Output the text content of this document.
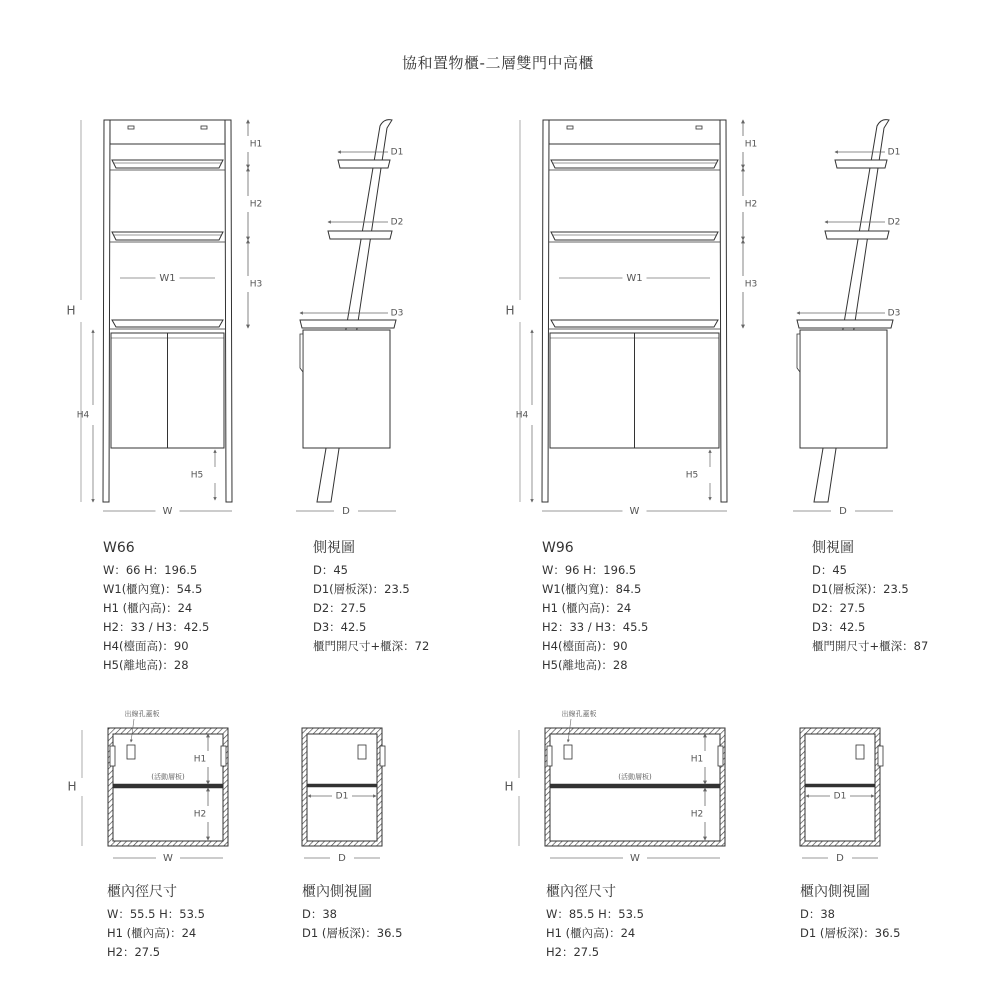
協和置物櫃-二層雙門中高櫃
W1
W
H
H4
H1
H2
H3
H5
D1
D2
D3
D
出線孔蓋板
(活動層板)
H1
H2
H
W
D1
D
W1
W
H
H4
H1
H2
H3
H5
D1
D2
D3
D
出線孔蓋板
(活動層板)
H1
H2
H
W
D1
D
W66
W：66 H：196.5
W1(櫃內寬)：54.5
H1 (櫃內高)：24
H2：33 / H3：42.5
H4(檯面高)：90
H5(離地高)：28
側視圖
D：45
D1(層板深)：23.5
D2：27.5
D3：42.5
櫃門開尺寸+櫃深：72
櫃內徑尺寸
W：55.5 H：53.5
H1 (櫃內高)：24
H2：27.5
櫃內側視圖
D：38
D1 (層板深)：36.5
W96
W：96 H：196.5
W1(櫃內寬)：84.5
H1 (櫃內高)：24
H2：33 / H3：45.5
H4(檯面高)：90
H5(離地高)：28
側視圖
D：45
D1(層板深)：23.5
D2：27.5
D3：42.5
櫃門開尺寸+櫃深：87
櫃內徑尺寸
W：85.5 H：53.5
H1 (櫃內高)：24
H2：27.5
櫃內側視圖
D：38
D1 (層板深)：36.5
